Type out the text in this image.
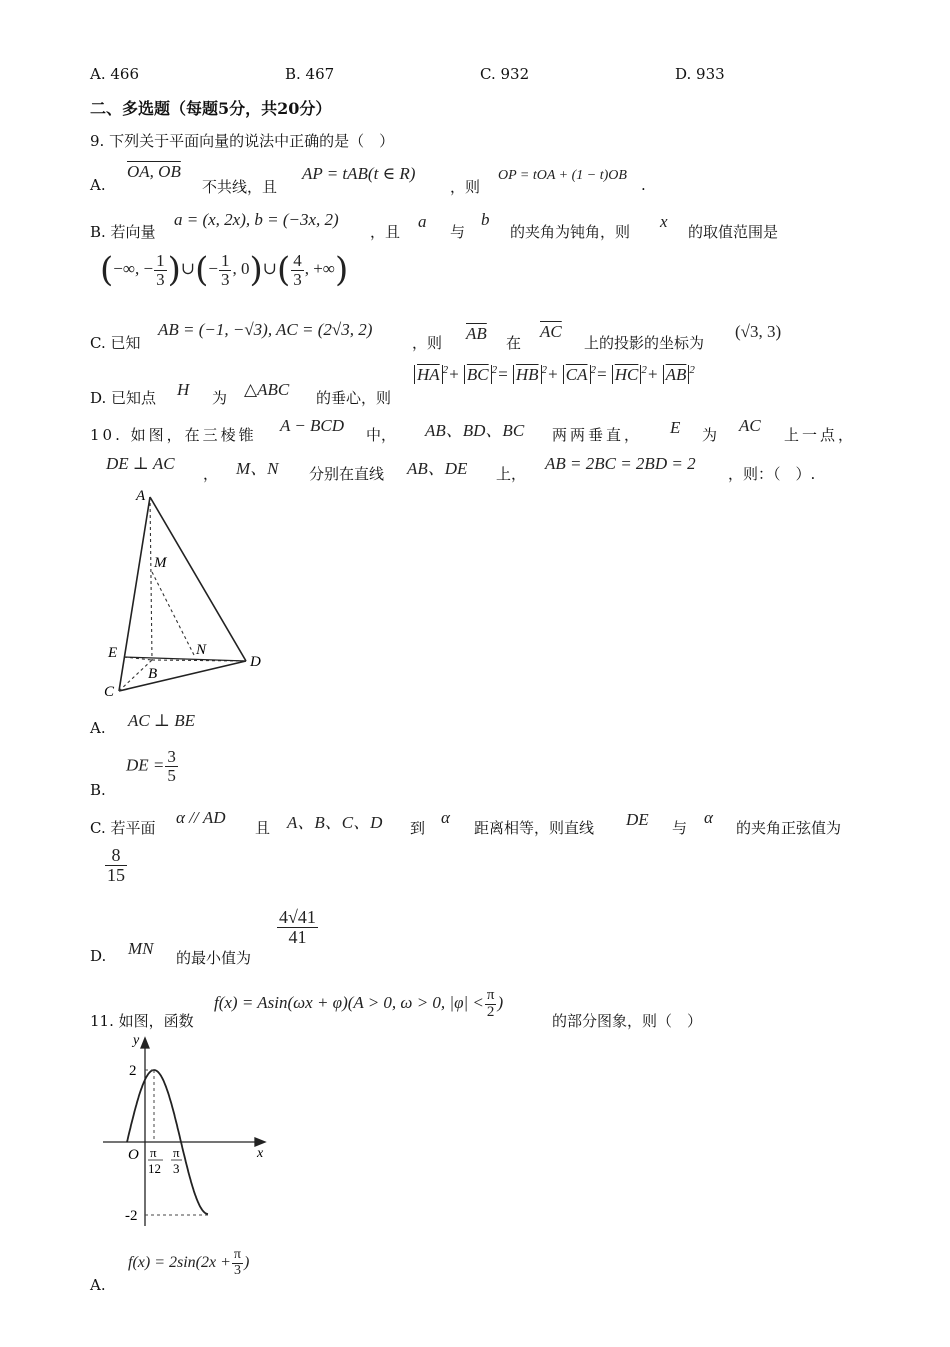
A. 466	B. 467	C. 932	D. 933
二、多选题（每题5分，共20分）
9. 下列关于平面向量的说法中正确的是（　）
A.
OA, OB
不共线，且
AP = tAB(t ∈ R)
，则
OP = tOA + (1 − t)OB
.
B. 若向量
a = (x, 2x), b = (−3x, 2)
，且
a
与
b
的夹角为钝角，则
x
的取值范围是
(−∞, − $\frac{1}{3}$ )∪(− $\frac{1}{3}$ , 0)∪( $\frac{4}{3}$ , +∞)
C. 已知
AB = (−1, −√3), AC = (2√3, 2)
，则 $\overline{AB}$ 在
$\overline{AC}$
上的投影的坐标为
(√3, 3)
D. 已知点 H 为 △ABC 的垂心，则
$\overline{HA}$ $^2+ \overline{BC}$ $^2= \overline{HB}$ $^2+ \overline{CA}$ $^2= \overline{HC}$ $^2+ \overline{AB}$ $^2$
10. 如图，在三棱锥 A − BCD 中， AB、BD、BC 两两垂直， E 为 AC 上一点，
DE ⊥ AC
， M、N 分别在直线 AB、DE 上，
AB = 2BC = 2BD = 2
，则：（　）.
A
M
E	N
D
B
C
A. AC ⊥ BE
B.
DE = $\frac{3}{5}$
C. 若平面
α // AD
且 A、B、C、D 到
α
距离相等，则直线 DE 与
α
的夹角正弦值为
$\frac{8}{15}$
D. MN 的最小值为
$\frac{4√41}{41}$
11. 如图，函数
f(x) = Asin(ωx + φ)(A > 0, ω > 0, $|\varphi| < \frac{\pi}{2}$ )
的部分图象，则（　）
y
x
O
2
-2
π
12
π
3
A.
$f(x) = 2\sin(2x + \frac{\pi}{3}$ )
